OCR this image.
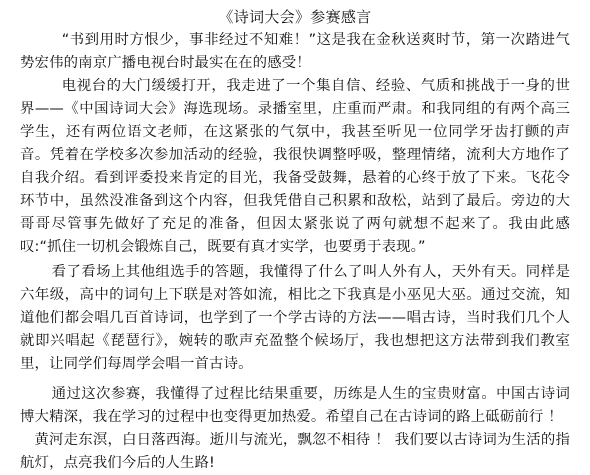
《诗词大会》参赛感言

“书到用时方恨少，事非经过不知难！”这是我在金秋送爽时节，第一次踏进气势宏伟的南京广播电视台时最实在在的感受！

电视台的大门缓缓打开，我走进了一个集自信、经验、气质和挑战于一身的世界——《中国诗词大会》海选现场。录播室里，庄重而严肃。和我同组的有两个高三学生，还有两位语文老师，在这紧张的气氛中，我甚至听见一位同学牙齿打颤的声音。凭着在学校多次参加活动的经验，我很快调整呼吸，整理情绪，流利大方地作了自我介绍。看到评委投来肯定的目光，我备受鼓舞，悬着的心终于放了下来。飞花令环节中，虽然没准备到这个内容，但我凭借自己积累和敌松，站到了最后。旁边的大哥哥尽管事先做好了充足的准备，但因太紧张说了两句就想不起来了。我由此感叹:“抓住一切机会锻炼自己，既要有真才实学，也要勇于表现。”

看了看场上其他组选手的答题，我懂得了什么了叫人外有人，天外有天。同样是六年级，高中的词句上下联是对答如流，相比之下我真是小巫见大巫。通过交流，知道他们都会唱几百首诗词，也学到了一个学古诗的方法——唱古诗，当时我们几个人就即兴唱起《琵琶行》，婉转的歌声充盈整个候场厅，我也想把这方法带到我们教室里，让同学们每周学会唱一首古诗。

通过这次参赛，我懂得了过程比结果重要，历练是人生的宝贵财富。中国古诗词博大精深，我在学习的过程中也变得更加热爱。希望自己在古诗词的路上砥砺前行 ！

黄河走东溟，白日落西海。逝川与流光，飘忽不相待 ！ 我们要以古诗词为生活的指航灯，点亮我们今后的人生路!
